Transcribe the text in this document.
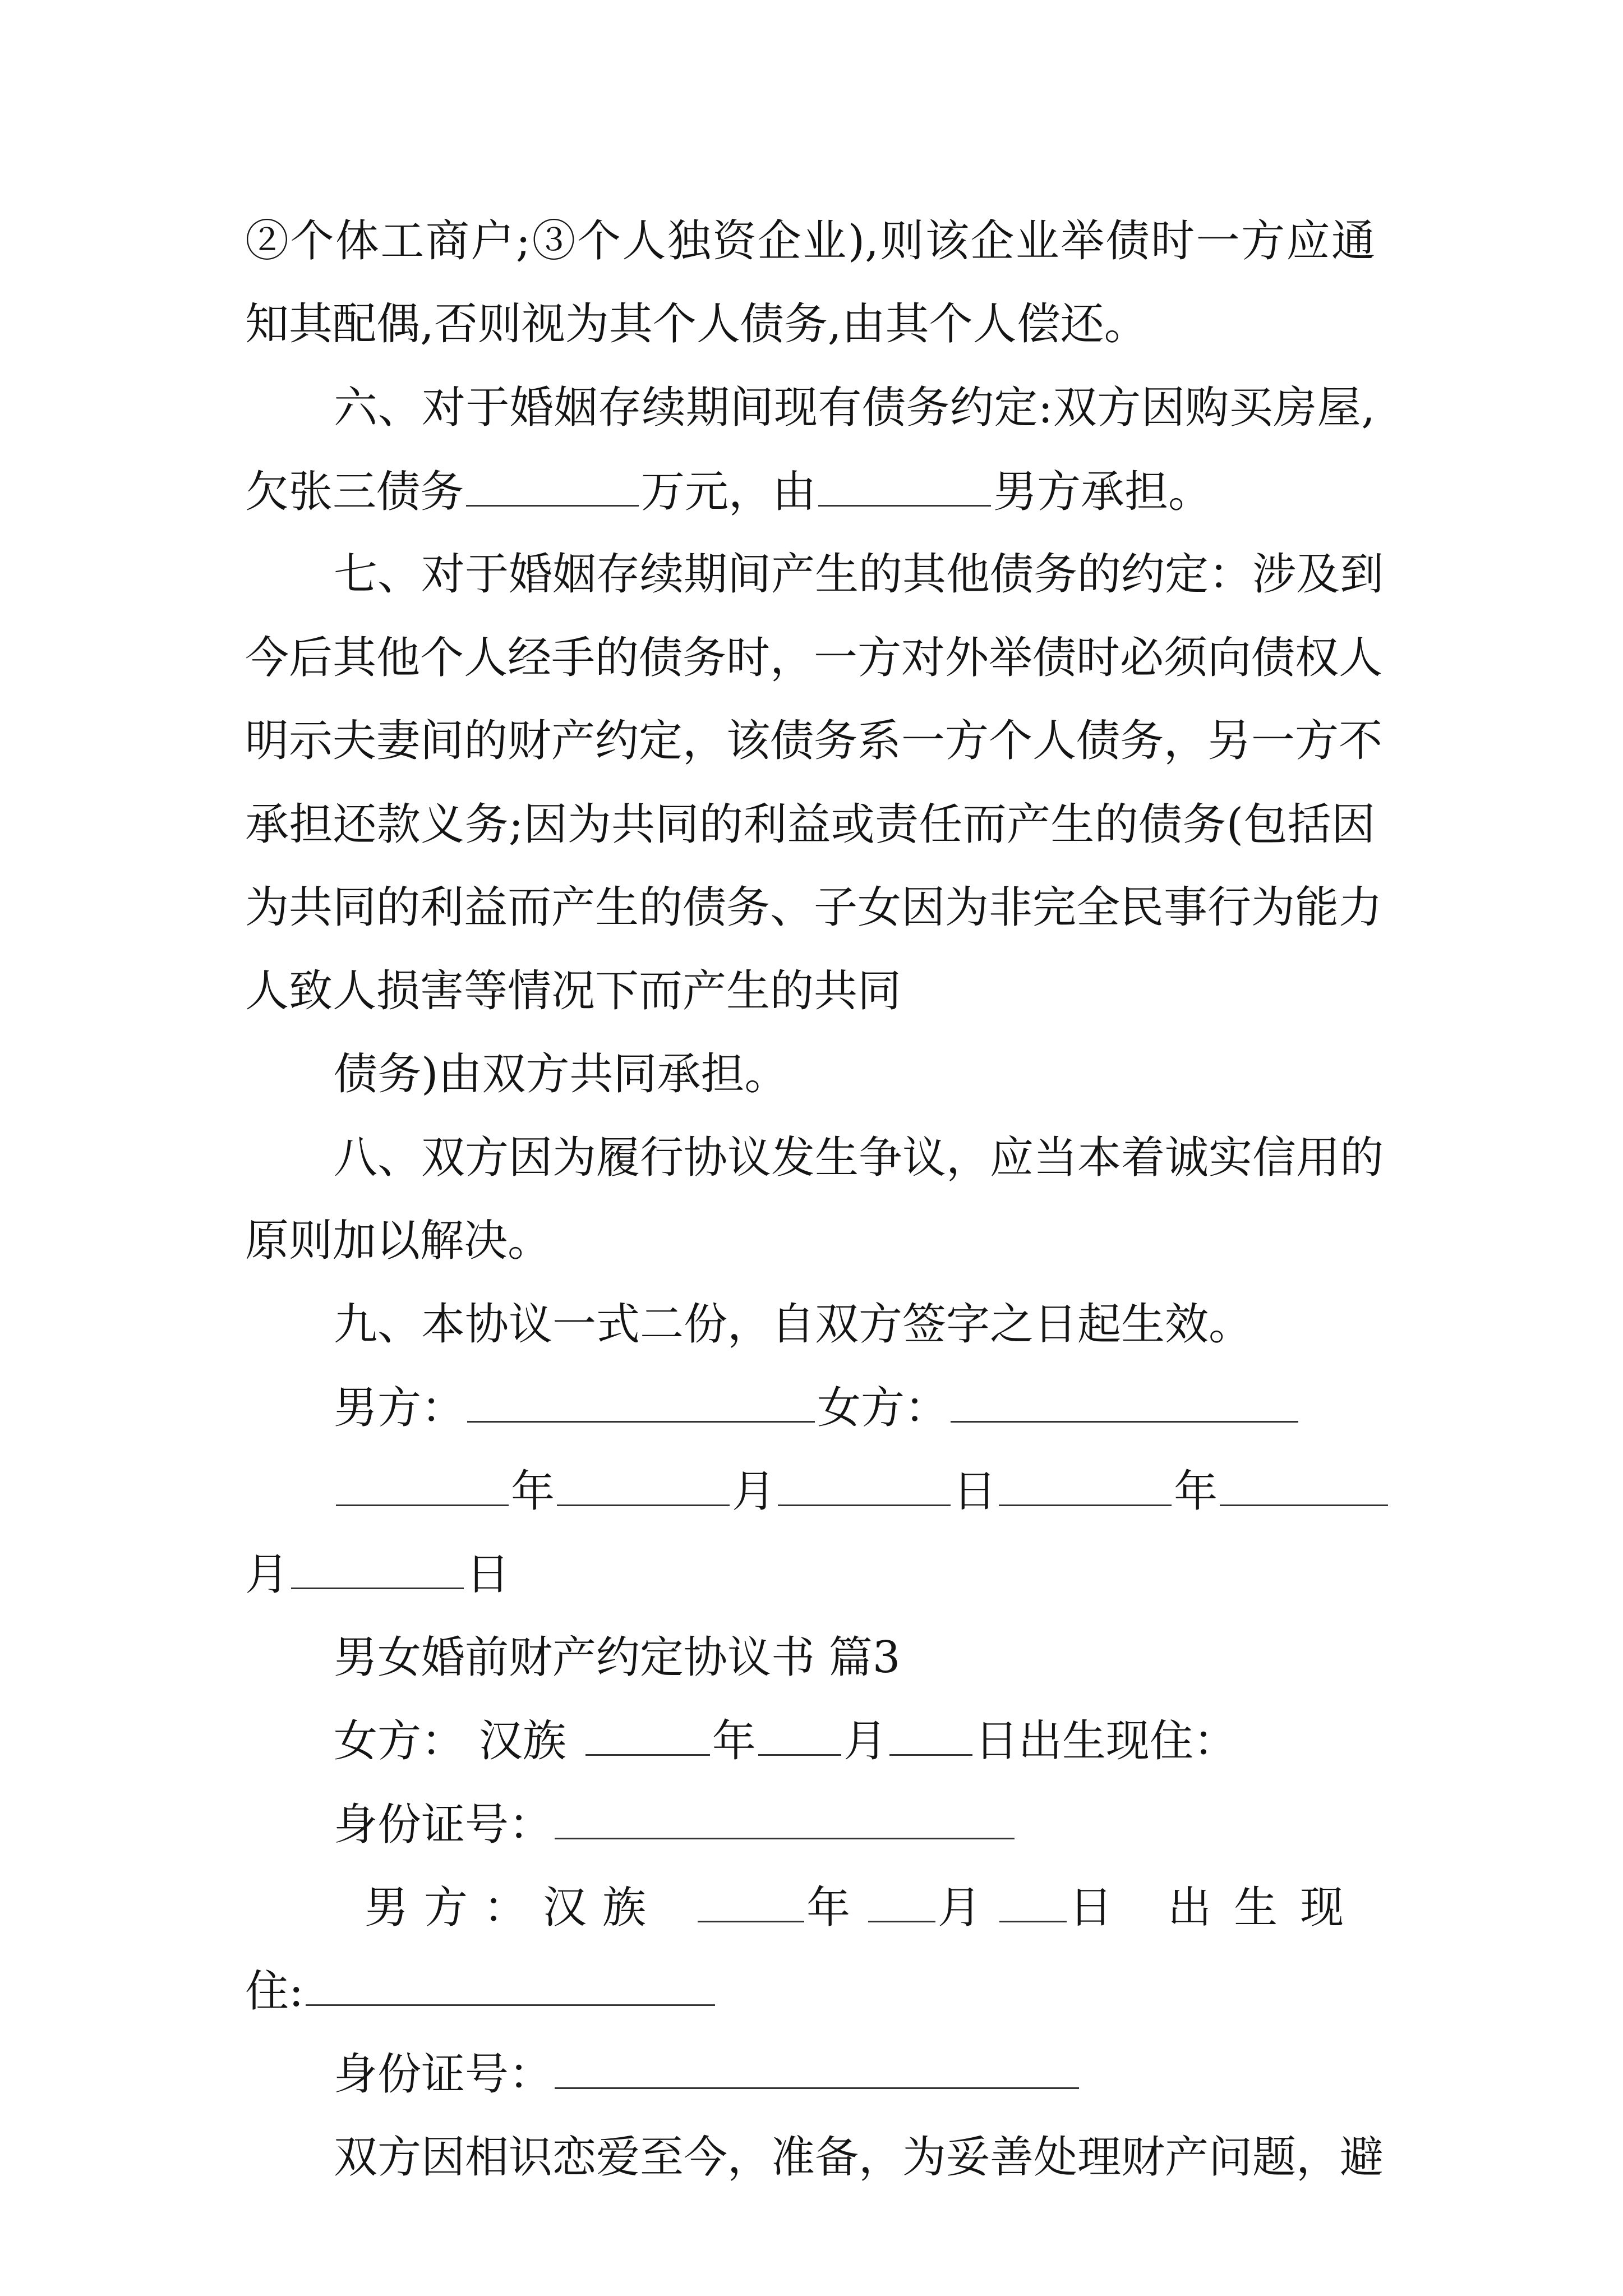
②个体工商户;③个人独资企业),则该企业举债时一方应通
知其配偶,否则视为其个人债务,由其个人偿还。
六、对于婚姻存续期间现有债务约定:双方因购买房屋,
欠张三债务	万元，由	男方承担。
七、对于婚姻存续期间产生的其他债务的约定：涉及到
今后其他个人经手的债务时，一方对外举债时必须向债权人
明示夫妻间的财产约定，该债务系一方个人债务，另一方不
承担还款义务;因为共同的利益或责任而产生的债务(包括因
为共同的利益而产生的债务、子女因为非完全民事行为能力
人致人损害等情况下而产生的共同
债务)由双方共同承担。
八、双方因为履行协议发生争议，应当本着诚实信用的
原则加以解决。
九、本协议一式二份，自双方签字之日起生效。
男方：	女方：
年	月	日	年
月	日
男女婚前财产约定协议书 篇3
女方： 汉族	年 月 日出生现住：
身份证号：
男方：汉族	年 月 日 出生现
住:
身份证号：
双方因相识恋爱至今，准备，为妥善处理财产问题，避
